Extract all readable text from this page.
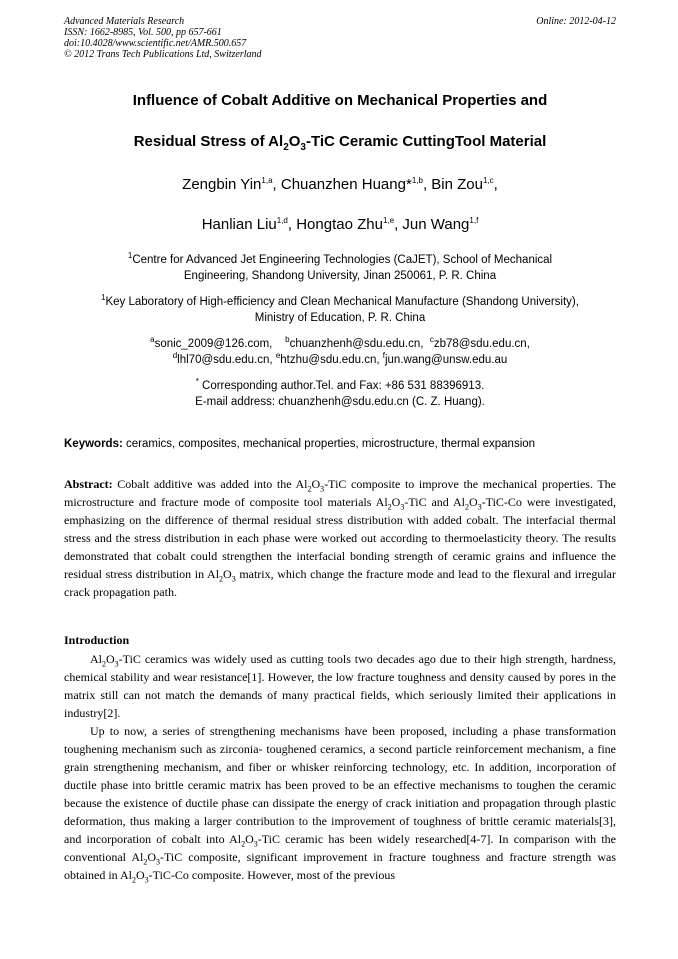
Advanced Materials Research
ISSN: 1662-8985, Vol. 500, pp 657-661
doi:10.4028/www.scientific.net/AMR.500.657
© 2012 Trans Tech Publications Ltd, Switzerland
Online: 2012-04-12
Influence of Cobalt Additive on Mechanical Properties and
Residual Stress of $Al_2O_3$-TiC Ceramic CuttingTool Material
Zengbin Yin$^{1,a}$, Chuanzhen Huang*$^{1,b}$, Bin Zou$^{1,c}$,
Hanlian Liu$^{1,d}$, Hongtao Zhu$^{1,e}$, Jun Wang$^{1,f}$
$^1$Centre for Advanced Jet Engineering Technologies (CaJET), School of Mechanical
Engineering, Shandong University, Jinan 250061, P. R. China
$^1$Key Laboratory of High-efficiency and Clean Mechanical Manufacture (Shandong University),
Ministry of Education, P. R. China
$^a$sonic_2009@126.com, $^b$chuanzhenh@sdu.edu.cn, $^c$zb78@sdu.edu.cn,
$^d$lhl70@sdu.edu.cn, $^e$htzhu@sdu.edu.cn, $^f$jun.wang@unsw.edu.au
* Corresponding author.Tel. and Fax: +86 531 88396913.
E-mail address: chuanzhenh@sdu.edu.cn (C. Z. Huang).
Keywords: ceramics, composites, mechanical properties, microstructure, thermal expansion
Abstract: Cobalt additive was added into the $Al_2O_3$-TiC composite to improve the mechanical properties. The microstructure and fracture mode of composite tool materials $Al_2O_3$-TiC and $Al_2O_3-TiC-Co$ were investigated, emphasizing on the difference of thermal residual stress distribution with added cobalt. The interfacial thermal stress and the stress distribution in each phase were worked out according to thermoelasticity theory. The results demonstrated that cobalt could strengthen the interfacial bonding strength of ceramic grains and influence the residual stress distribution in $Al_2O_3$ matrix, which change the fracture mode and lead to the flexural and irregular crack propagation path.
Introduction
$Al_2O_3$-TiC ceramics was widely used as cutting tools two decades ago due to their high strength, hardness, chemical stability and wear resistance[1]. However, the low fracture toughness and density caused by pores in the matrix still can not match the demands of many practical fields, which seriously limited their applications in industry[2].
Up to now, a series of strengthening mechanisms have been proposed, including a phase transformation toughening mechanism such as zirconia- toughened ceramics, a second particle reinforcement mechanism, a fine grain strengthening mechanism, and fiber or whisker reinforcing technology, etc. In addition, incorporation of ductile phase into brittle ceramic matrix has been proved to be an effective mechanisms to toughen the ceramic because the existence of ductile phase can dissipate the energy of crack initiation and propagation through plastic deformation, thus making a larger contribution to the improvement of toughness of brittle ceramic materials[3], and incorporation of cobalt into $Al_2O_3$-TiC ceramic has been widely researched[4-7]. In comparison with the conventional $Al_2O_3$-TiC composite, significant improvement in fracture toughness and fracture strength was obtained in $Al_2O_3-TiC-Co$ composite. However, most of the previous
